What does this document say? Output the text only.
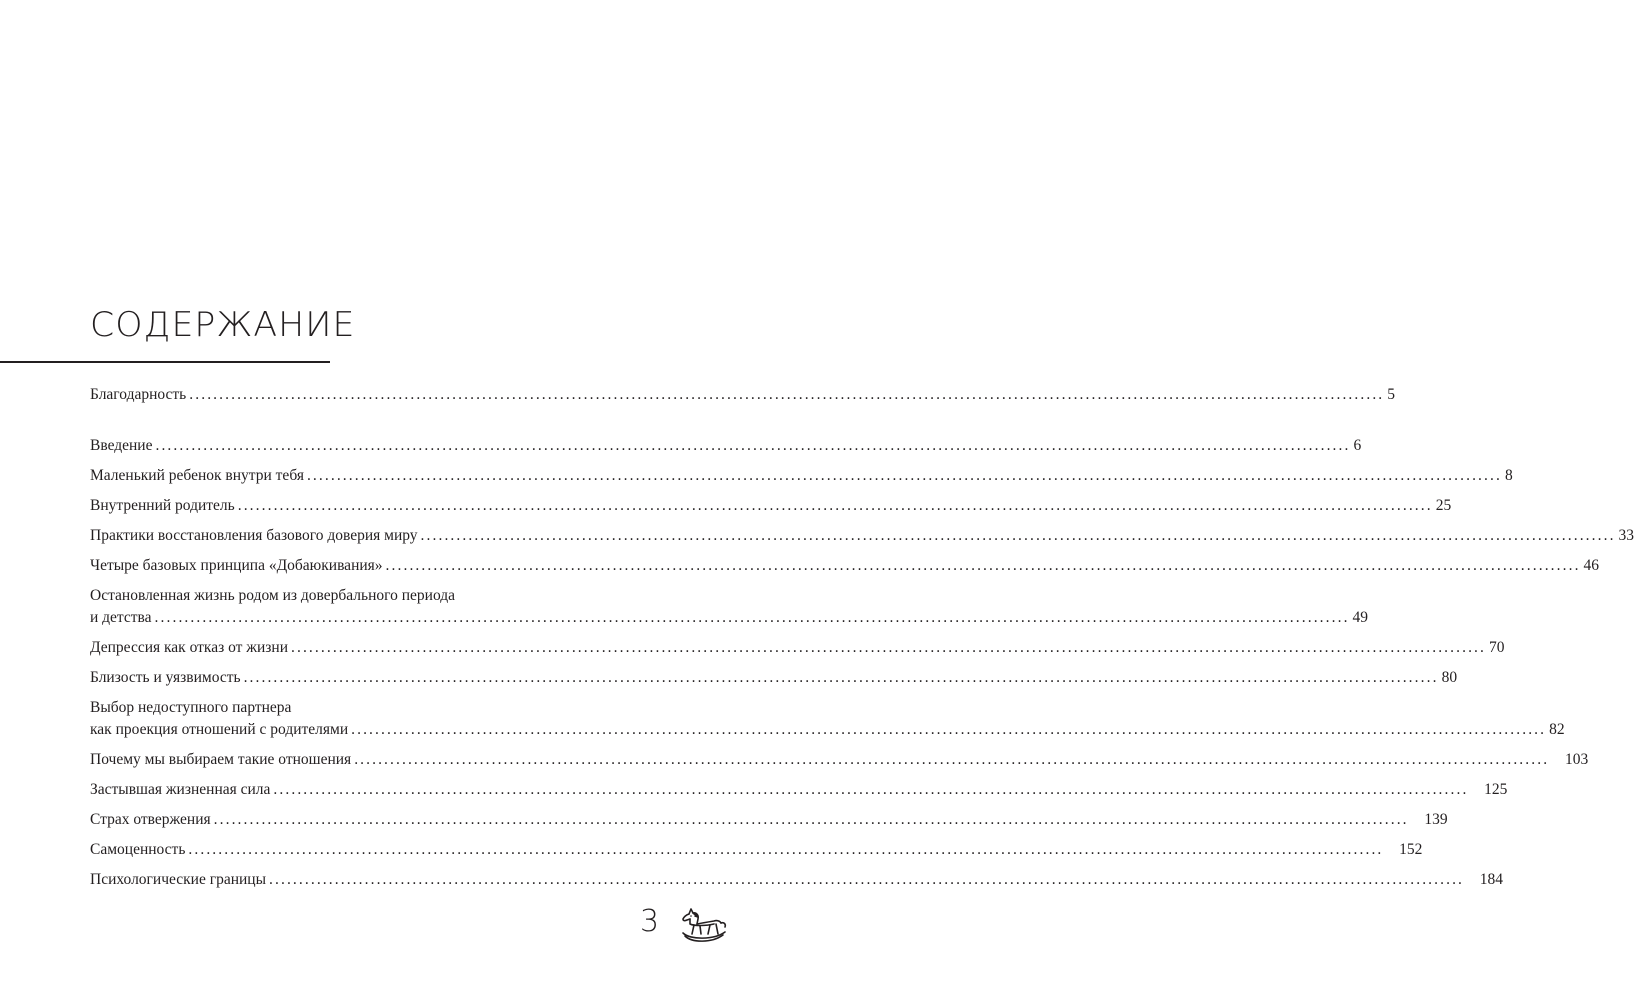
СОДЕРЖАНИЕ
Благодарность ........................................................................................................................................................................................................ 5
Введение ........................................................................................................................................................................................................ 6
Маленький ребенок внутри тебя ........................................................................................................................................................................................................ 8
Внутренний родитель ........................................................................................................................................................................................................ 25
Практики восстановления базового доверия миру ........................................................................................................................................................................................................ 33
Четыре базовых принципа «Добаюкивания» ........................................................................................................................................................................................................ 46
Остановленная жизнь родом из довербального периода
и детства ........................................................................................................................................................................................................ 49
Депрессия как отказ от жизни ........................................................................................................................................................................................................ 70
Близость и уязвимость ........................................................................................................................................................................................................ 80
Выбор недоступного партнера
как проекция отношений с родителями ........................................................................................................................................................................................................ 82
Почему мы выбираем такие отношения ........................................................................................................................................................................................................	103
Застывшая жизненная сила ........................................................................................................................................................................................................	125
Страх отвержения ........................................................................................................................................................................................................	139
Самоценность ........................................................................................................................................................................................................	152
Психологические границы ........................................................................................................................................................................................................	184
3
